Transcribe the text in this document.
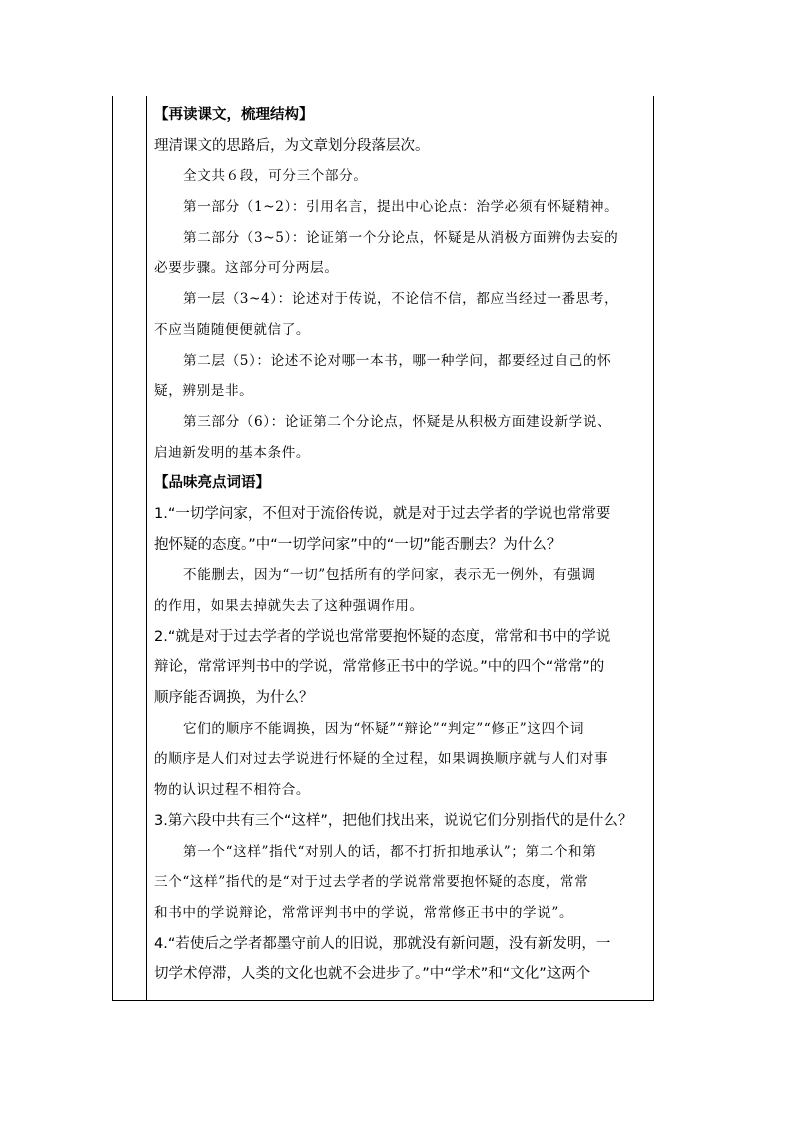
【再读课文，梳理结构】
理清课文的思路后，为文章划分段落层次。
全文共６段，可分三个部分。
第一部分（1~2）：引用名言，提出中心论点：治学必须有怀疑精神。
第二部分（3~5）：论证第一个分论点，怀疑是从消极方面辨伪去妄的
必要步骤。这部分可分两层。
第一层（3~4）：论述对于传说，不论信不信，都应当经过一番思考，
不应当随随便便就信了。
第二层（5）：论述不论对哪一本书，哪一种学问，都要经过自己的怀
疑，辨别是非。
第三部分（6）：论证第二个分论点，怀疑是从积极方面建设新学说、
启迪新发明的基本条件。
【品味亮点词语】
1.“一切学问家，不但对于流俗传说，就是对于过去学者的学说也常常要
抱怀疑的态度。”中“一切学问家”中的“一切”能否删去？为什么？
不能删去，因为“一切”包括所有的学问家，表示无一例外，有强调
的作用，如果去掉就失去了这种强调作用。
2.“就是对于过去学者的学说也常常要抱怀疑的态度，常常和书中的学说
辩论，常常评判书中的学说，常常修正书中的学说。”中的四个“常常”的
顺序能否调换，为什么？
它们的顺序不能调换，因为“怀疑”“辩论”“判定”“修正”这四个词
的顺序是人们对过去学说进行怀疑的全过程，如果调换顺序就与人们对事
物的认识过程不相符合。
3.第六段中共有三个“这样”，把他们找出来，说说它们分别指代的是什么？
第一个“这样”指代“对别人的话，都不打折扣地承认”；第二个和第
三个“这样”指代的是“对于过去学者的学说常常要抱怀疑的态度，常常
和书中的学说辩论，常常评判书中的学说，常常修正书中的学说”。
4.“若使后之学者都墨守前人的旧说，那就没有新问题，没有新发明，一
切学术停滞，人类的文化也就不会进步了。”中“学术”和“文化”这两个
